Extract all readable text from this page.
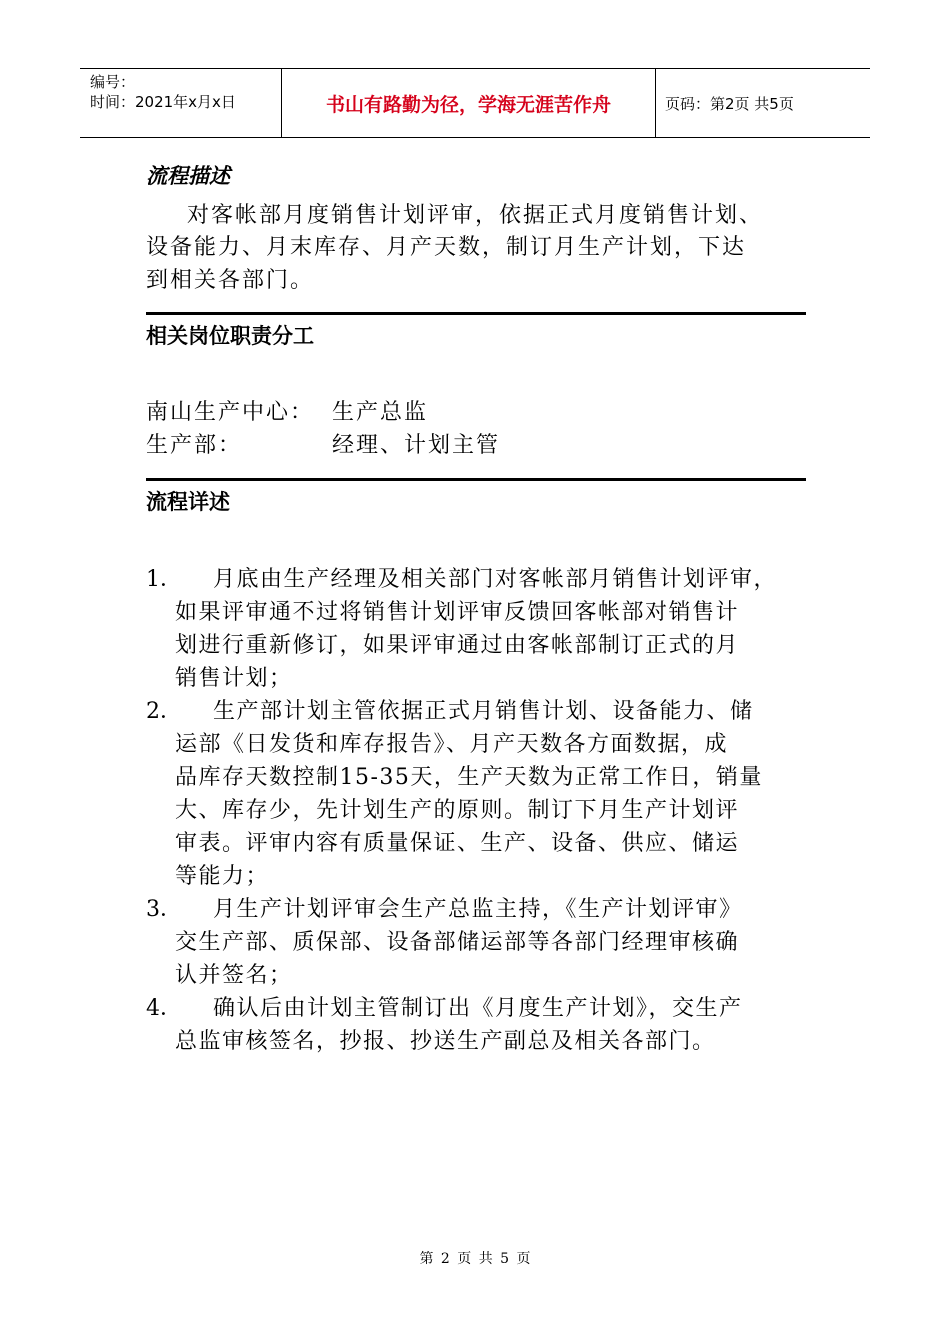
编号：
时间：2021年x月x日	书山有路勤为径，学海无涯苦作舟	页码：第2页 共5页
流程描述
对客帐部月度销售计划评审，依据正式月度销售计划、
设备能力、月末库存、月产天数，制订月生产计划，下达
到相关各部门。
相关岗位职责分工
南山生产中心： 生产总监
生产部：	经理、计划主管
流程详述
1． 月底由生产经理及相关部门对客帐部月销售计划评审，
如果评审通不过将销售计划评审反馈回客帐部对销售计
划进行重新修订，如果评审通过由客帐部制订正式的月
销售计划；
2． 生产部计划主管依据正式月销售计划、设备能力、储
运部《日发货和库存报告》、月产天数各方面数据，成
品库存天数控制15-35天，生产天数为正常工作日，销量
大、库存少，先计划生产的原则。制订下月生产计划评
审表。评审内容有质量保证、生产、设备、供应、储运
等能力；
3． 月生产计划评审会生产总监主持，《生产计划评审》
交生产部、质保部、设备部储运部等各部门经理审核确
认并签名；
4． 确认后由计划主管制订出《月度生产计划》，交生产
总监审核签名，抄报、抄送生产副总及相关各部门。
第 2 页 共 5 页
